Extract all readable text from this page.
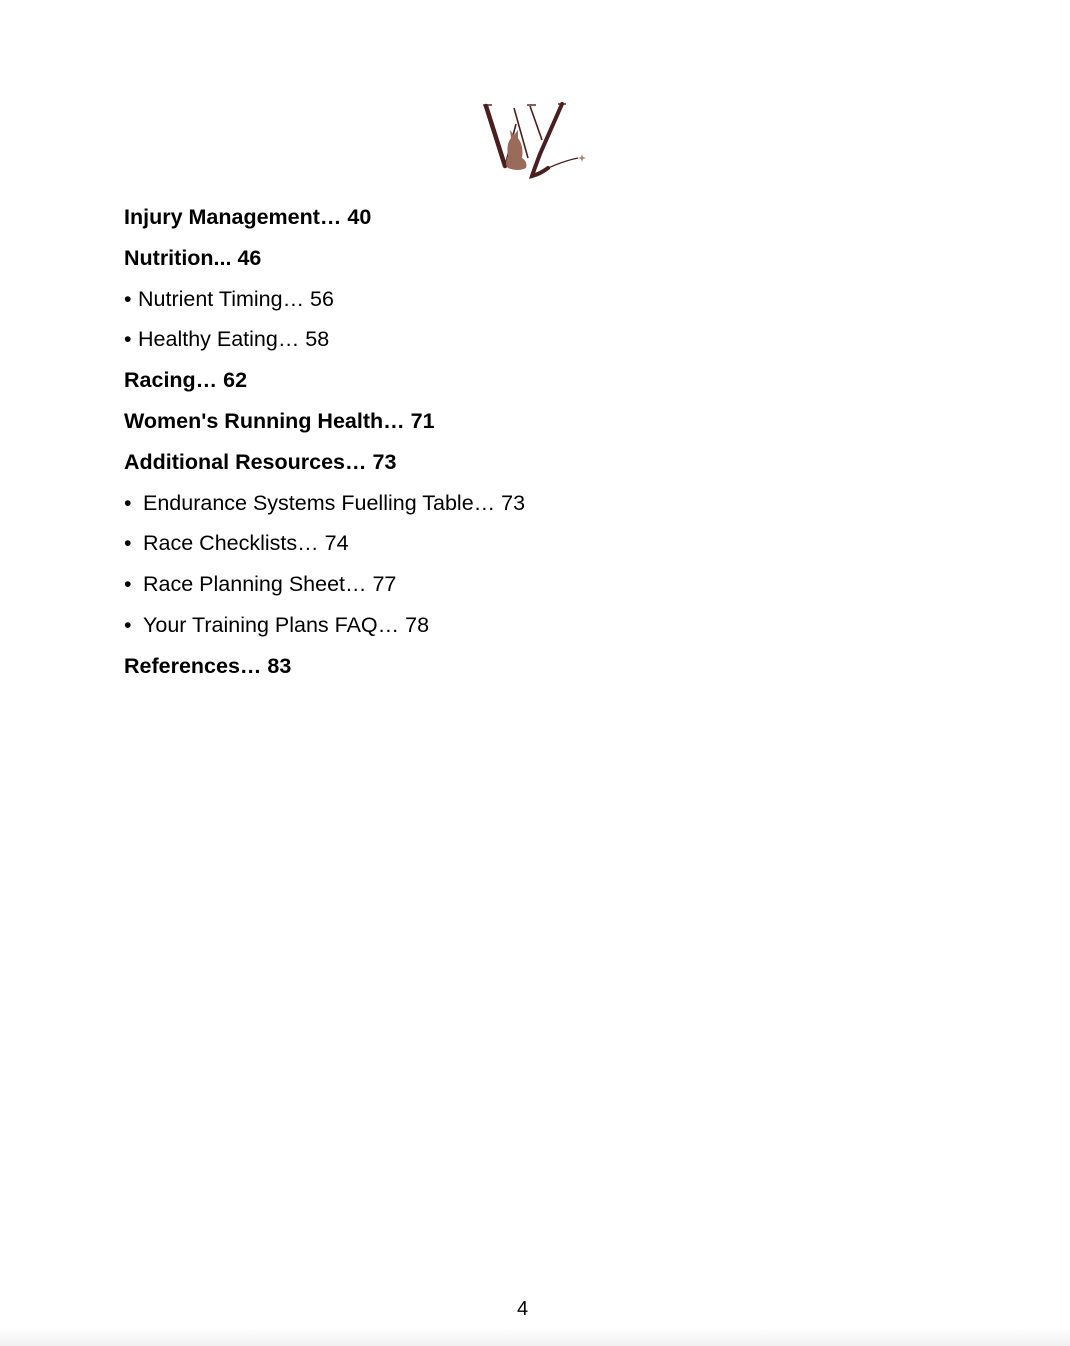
Injury Management… 40
Nutrition... 46
• Nutrient Timing… 56
• Healthy Eating… 58
Racing… 62
Women's Running Health… 71
Additional Resources… 73
• Endurance Systems Fuelling Table… 73
• Race Checklists… 74
• Race Planning Sheet… 77
• Your Training Plans FAQ… 78
References… 83
4
